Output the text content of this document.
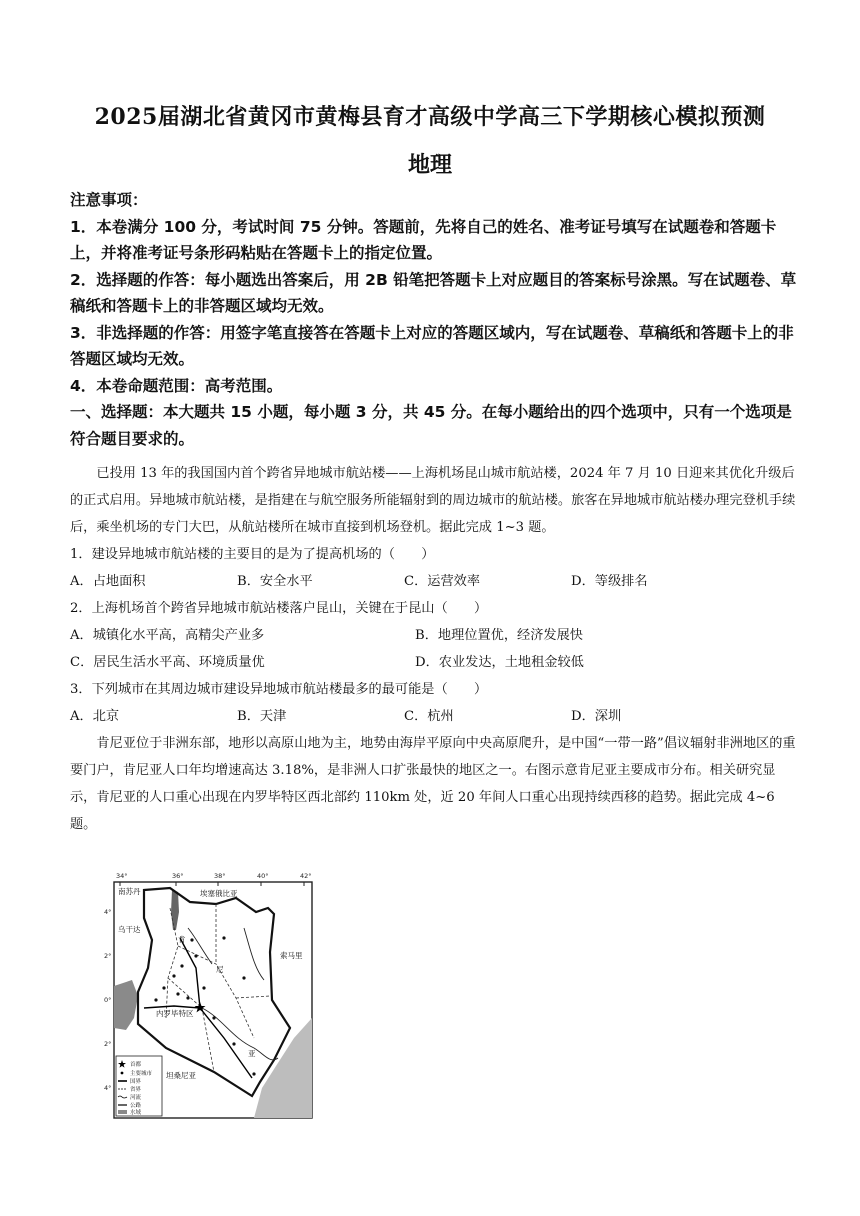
2025届湖北省黄冈市黄梅县育才高级中学高三下学期核心模拟预测
地理

注意事项：

1．本卷满分 100 分，考试时间 75 分钟。答题前，先将自己的姓名、准考证号填写在试题卷和答题卡上，并将准考证号条形码粘贴在答题卡上的指定位置。

2．选择题的作答：每小题选出答案后，用 2B 铅笔把答题卡上对应题目的答案标号涂黑。写在试题卷、草稿纸和答题卡上的非答题区域均无效。

3．非选择题的作答：用签字笔直接答在答题卡上对应的答题区域内，写在试题卷、草稿纸和答题卡上的非答题区域均无效。

4．本卷命题范围：高考范围。

一、选择题：本大题共 15 小题，每小题 3 分，共 45 分。在每小题给出的四个选项中，只有一个选项是符合题目要求的。

已投用 13 年的我国国内首个跨省异地城市航站楼——上海机场昆山城市航站楼，2024 年 7 月 10 日迎来其优化升级后的正式启用。异地城市航站楼，是指建在与航空服务所能辐射到的周边城市的航站楼。旅客在异地城市航站楼办理完登机手续后，乘坐机场的专门大巴，从航站楼所在城市直接到机场登机。据此完成 1~3 题。

1．建设异地城市航站楼的主要目的是为了提高机场的（　　）

A．占地面积	B．安全水平	C．运营效率	D．等级排名

2．上海机场首个跨省异地城市航站楼落户昆山，关键在于昆山（　　）

A．城镇化水平高，高精尖产业多	B．地理位置优，经济发展快
C．居民生活水平高、环境质量优	D．农业发达，土地租金较低

3．下列城市在其周边城市建设异地城市航站楼最多的最可能是（　　）

A．北京	B．天津	C．杭州	D．深圳

肯尼亚位于非洲东部，地形以高原山地为主，地势由海岸平原向中央高原爬升，是中国“一带一路”倡议辐射非洲地区的重要门户，肯尼亚人口年均增速高达 3.18%，是非洲人口扩张最快的地区之一。右图示意肯尼亚主要成市分布。相关研究显示，肯尼亚的人口重心出现在内罗毕特区西北部约 110km 处，近 20 年间人口重心出现持续西移的趋势。据此完成 4~6 题。

34°	36°	38°	40°	42°
4°
2°
0°
2°
4°
南苏丹	埃塞俄比亚
乌干达
索马里
坦桑尼亚
肯
尼
亚
内罗毕特区
首都
主要城市
国界
省界
河流
公路
水域
